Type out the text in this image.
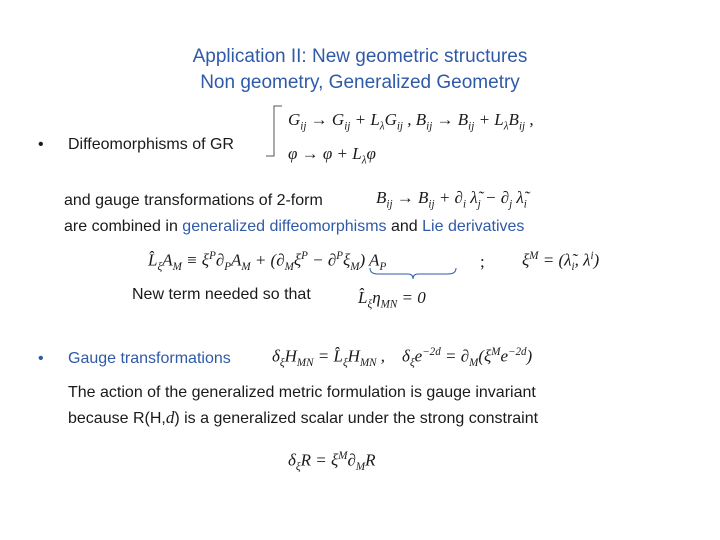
Application II: New geometric structures
Non geometry, Generalized Geometry
• Diffeomorphisms of GR
$G_{ij} \to G_{ij} + L_\lambda G_{ij}$ , $B_{ij} \to B_{ij} + L_\lambda B_{ij}$ ,
$\varphi \to \varphi + L_\lambda\varphi$
and gauge transformations of 2-form	$B_{ij} \to B_{ij} + \partial_i$ $\lambdã_j - \partial_j$ $\lambdã_i$
are combined in generalized diffeomorphisms and Lie derivatives
$L̂_\xi A_M \equiv \xi^P\partial_PA_M + (\partial_M\xi^P - \partial^P\xi_M)$ $A_P$	; $\xi^M$ = ($\lambdã_i$, $\lambda^i$)
New term needed so that	$L̂_\xi\eta_{MN} = 0$
• Gauge transformations $\delta_\xi H_{MN}$ = $L̂_\xi H_{MN}$ ,    $\delta_\xi e^{-2d} = \partial_M(\xi^Me^{-2d})$
The action of the generalized metric formulation is gauge invariant
because R(H,d) is a generalized scalar under the strong constraint
$\delta_\xi R = \xi^M\partial_MR$
